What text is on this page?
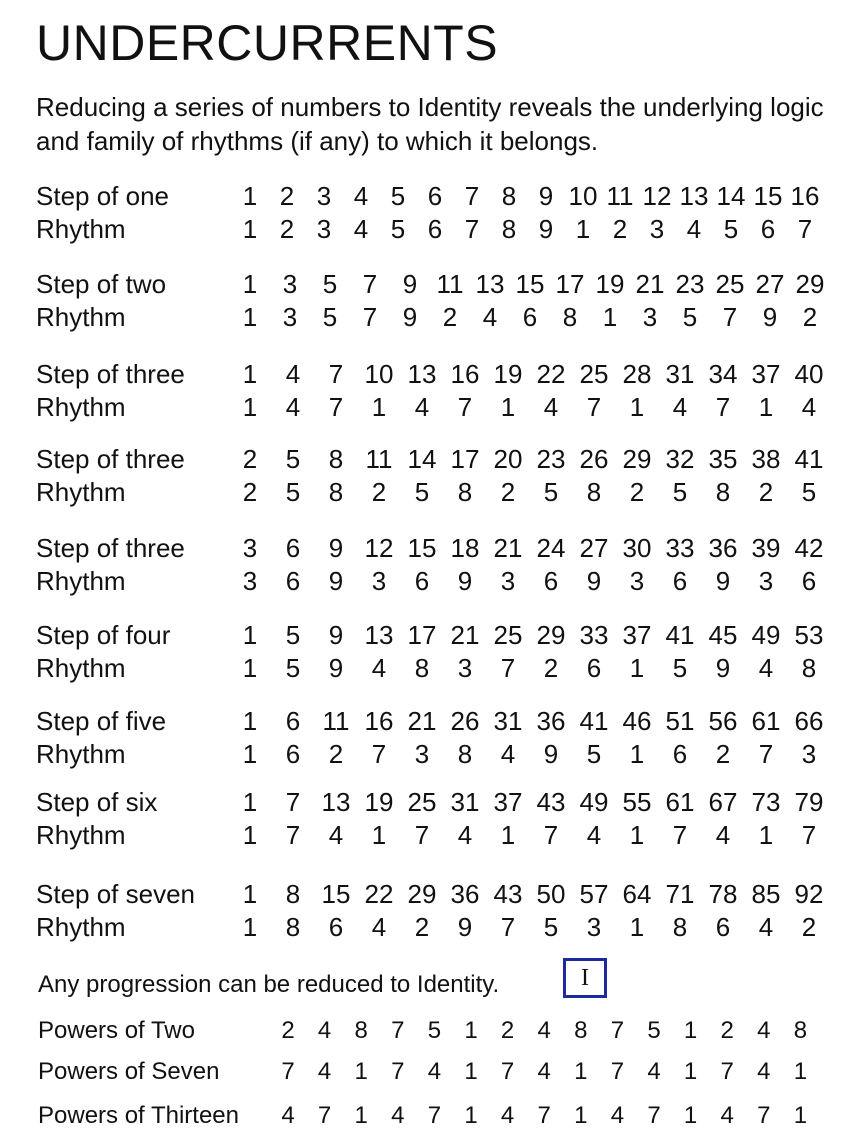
UNDERCURRENTS
Reducing a series of numbers to Identity reveals the underlying logic and family of rhythms (if any) to which it belongs.
Step of one	1 2 3 4 5 6 7 8 9 10 11 12 13 14 15 16
Rhythm	1 2 3 4 5 6 7 8 9 1 2 3 4 5 6 7
Step of two	1 3 5 7 9 11 13 15 17 19 21 23 25 27 29
Rhythm	1 3 5 7 9 2 4 6 8 1 3 5 7 9 2
Step of three	1	4	7 10 13 16 19 22 25 28 31 34 37 40
Rhythm	1	4	7	1	4	7	1	4	7	1	4	7	1	4
Step of three	2	5	8 11 14 17 20 23 26 29 32 35 38 41
Rhythm	2	5	8	2	5	8	2	5	8	2	5	8	2	5
Step of three	3	6	9 12 15 18 21 24 27 30 33 36 39 42
Rhythm	3	6	9	3	6	9	3	6	9	3	6	9	3	6
Step of four	1	5	9 13 17 21 25 29 33 37 41 45 49 53
Rhythm	1	5	9	4	8	3	7	2	6	1	5	9	4	8
Step of five	1	6 11 16 21 26 31 36 41 46 51 56 61 66
Rhythm	1	6	2	7	3	8	4	9	5	1	6	2	7	3
Step of six	1	7 13 19 25 31 37 43 49 55 61 67 73 79
Rhythm	1	7	4	1	7	4	1	7	4	1	7	4	1	7
Step of seven	1	8 15 22 29 36 43 50 57 64 71 78 85 92
Rhythm	1	8	6	4	2	9	7	5	3	1	8	6	4	2
Any progression can be reduced to Identity.	I
Powers of Two	2 4 8 7 5 1 2 4 8 7 5 1 2 4 8
Powers of Seven	7 4 1 7 4 1 7 4 1 7 4 1 7 4 1
Powers of Thirteen	4 7 1 4 7 1 4 7 1 4 7 1 4 7 1
